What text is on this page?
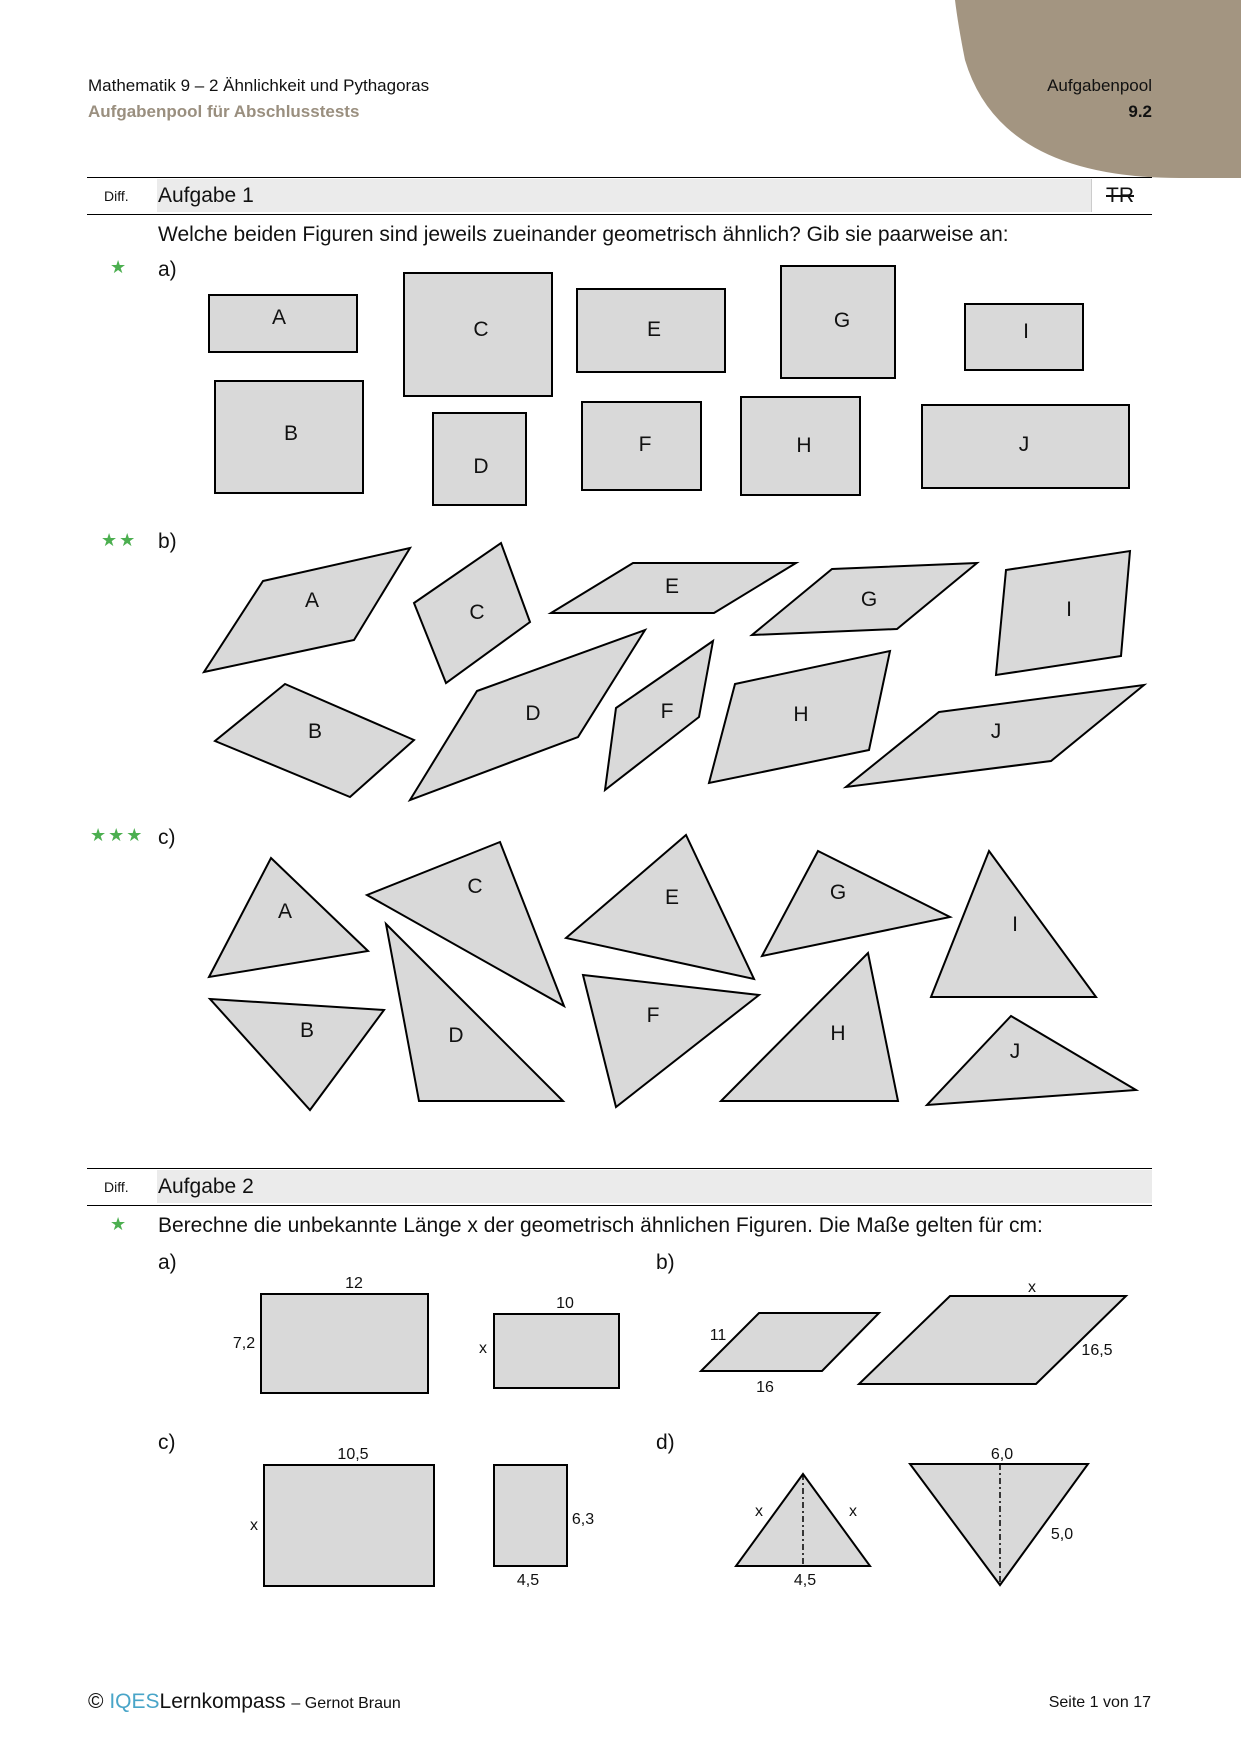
Mathematik 9 – 2 Ähnlichkeit und Pythagoras
Aufgabenpool für Abschlusstests
Aufgabenpool
9.2
Diff. Aufgabe 1	TR
Welche beiden Figuren sind jeweils zueinander geometrisch ähnlich? Gib sie paarweise an:
★ a)
★★ b)
★★★ c)
A
C	E	G	I
B
D
F	H	J
A
C
E
G	I
B
D	F	H
J
A
C	E	G
I
B	D
F
H
J
12
7,2
10
x
11
16
x
16,5
10,5
x	6,3
4,5
x	x
4,5
6,0
5,0
Diff. Aufgabe 2
★ Berechne die unbekannte Länge x der geometrisch ähnlichen Figuren. Die Maße gelten für cm:
a)	b)
c)	d)
© IQESLernkompass – Gernot Braun	Seite 1 von 17
